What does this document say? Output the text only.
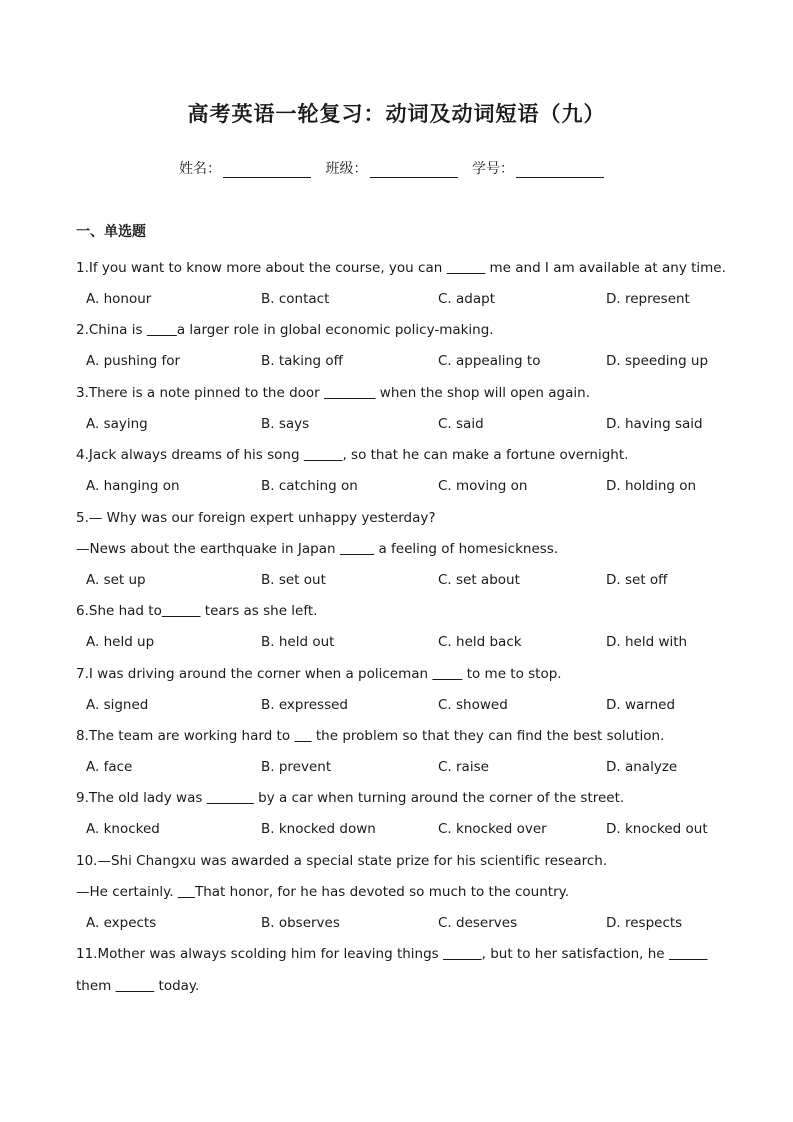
高考英语一轮复习：动词及动词短语（九）
姓名：	班级：	学号：
一、单选题
1.If you want to know more about the course, you can	me and I am available at any time.
A. honour	B. contact	C. adapt	D. represent
2.China is        a larger role in global economic policy-making.
A. pushing for	B. taking off	C. appealing to	D. speeding up
3.There is a note pinned to the door	when the shop will open again.
A. saying	B. says	C. said	D. having said
4.Jack always dreams of his song	, so that he can make a fortune overnight.
A. hanging on	B. catching on	C. moving on	D. holding on
5.— Why was our foreign expert unhappy yesterday?
—News about the earthquake in Japan	a feeling of homesickness.
A. set up	B. set out	C. set about	D. set off
6.She had to	tears as she left.
A. held up	B. held out	C. held back	D. held with
7.I was driving around the corner when a policeman         to me to stop.
A. signed	B. expressed	C. showed	D. warned
8.The team are working hard to      the problem so that they can find the best solution.
A. face	B. prevent	C. raise	D. analyze
9.The old lady was	by a car when turning around the corner of the street.
A. knocked	B. knocked down	C. knocked over	D. knocked out
10.—Shi Changxu was awarded a special state prize for his scientific research.
—He certainly.     That honor, for he has devoted so much to the country.
A. expects	B. observes	C. deserves	D. respects
11.Mother was always scolding him for leaving things	, but to her satisfaction, he
them	today.
